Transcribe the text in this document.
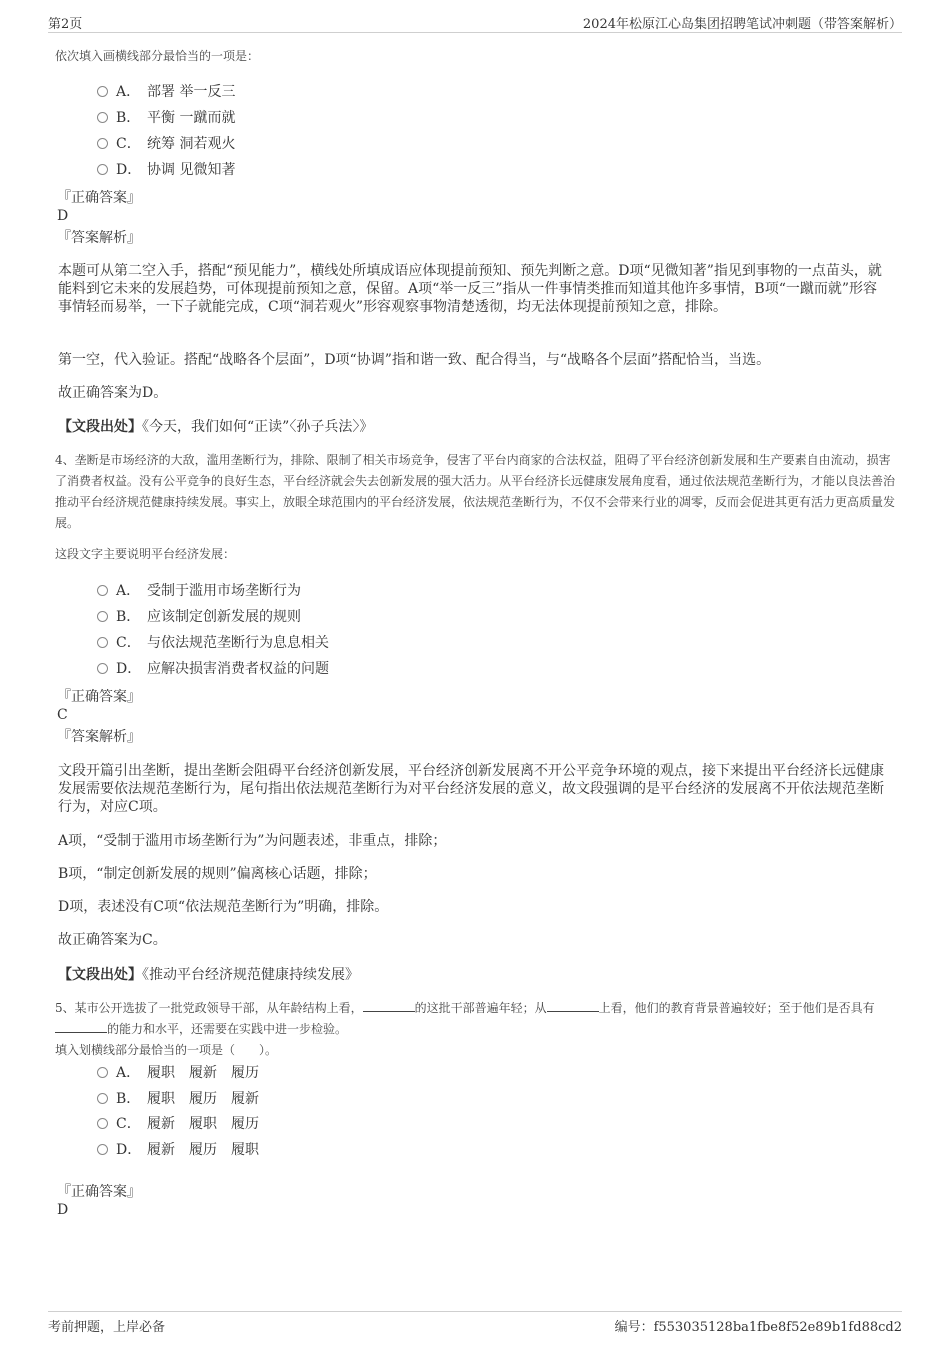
第2页	2024年松原江心岛集团招聘笔试冲刺题（带答案解析）
依次填入画横线部分最恰当的一项是：
A． 部署 举一反三
B． 平衡 一蹴而就
C． 统筹 洞若观火
D． 协调 见微知著
『正确答案』
D
『答案解析』
本题可从第二空入手，搭配“预见能力”，横线处所填成语应体现提前预知、预先判断之意。D项“见微知著”指见到事物的一点苗头，就能料到它未来的发展趋势，可体现提前预知之意，保留。A项“举一反三”指从一件事情类推而知道其他许多事情，B项“一蹴而就”形容事情轻而易举，一下子就能完成，C项“洞若观火”形容观察事物清楚透彻，均无法体现提前预知之意，排除。
第一空，代入验证。搭配“战略各个层面”，D项“协调”指和谐一致、配合得当，与“战略各个层面”搭配恰当，当选。
故正确答案为D。
【文段出处】《今天，我们如何“正读”〈孙子兵法〉》
4、垄断是市场经济的大敌，滥用垄断行为，排除、限制了相关市场竞争，侵害了平台内商家的合法权益，阻碍了平台经济创新发展和生产要素自由流动，损害了消费者权益。没有公平竞争的良好生态，平台经济就会失去创新发展的强大活力。从平台经济长远健康发展角度看，通过依法规范垄断行为，才能以良法善治推动平台经济规范健康持续发展。事实上，放眼全球范围内的平台经济发展，依法规范垄断行为，不仅不会带来行业的凋零，反而会促进其更有活力更高质量发展。
这段文字主要说明平台经济发展：
A． 受制于滥用市场垄断行为
B． 应该制定创新发展的规则
C． 与依法规范垄断行为息息相关
D． 应解决损害消费者权益的问题
『正确答案』
C
『答案解析』
文段开篇引出垄断，提出垄断会阻碍平台经济创新发展，平台经济创新发展离不开公平竞争环境的观点，接下来提出平台经济长远健康发展需要依法规范垄断行为，尾句指出依法规范垄断行为对平台经济发展的意义，故文段强调的是平台经济的发展离不开依法规范垄断行为，对应C项。
A项，“受制于滥用市场垄断行为”为问题表述，非重点，排除；
B项，“制定创新发展的规则”偏离核心话题，排除；
D项，表述没有C项“依法规范垄断行为”明确，排除。
故正确答案为C。
【文段出处】《推动平台经济规范健康持续发展》
5、某市公开选拔了一批党政领导干部，从年龄结构上看，	的这批干部普遍年轻；从	上看，他们的教育背景普遍较好；至于他们是否具有的能力和水平，还需要在实践中进一步检验。
填入划横线部分最恰当的一项是（　　）。
A． 履职　履新　履历
B． 履职　履历　履新
C． 履新　履职　履历
D． 履新　履历　履职
『正确答案』
D
考前押题，上岸必备	编号：f553035128ba1fbe8f52e89b1fd88cd2
